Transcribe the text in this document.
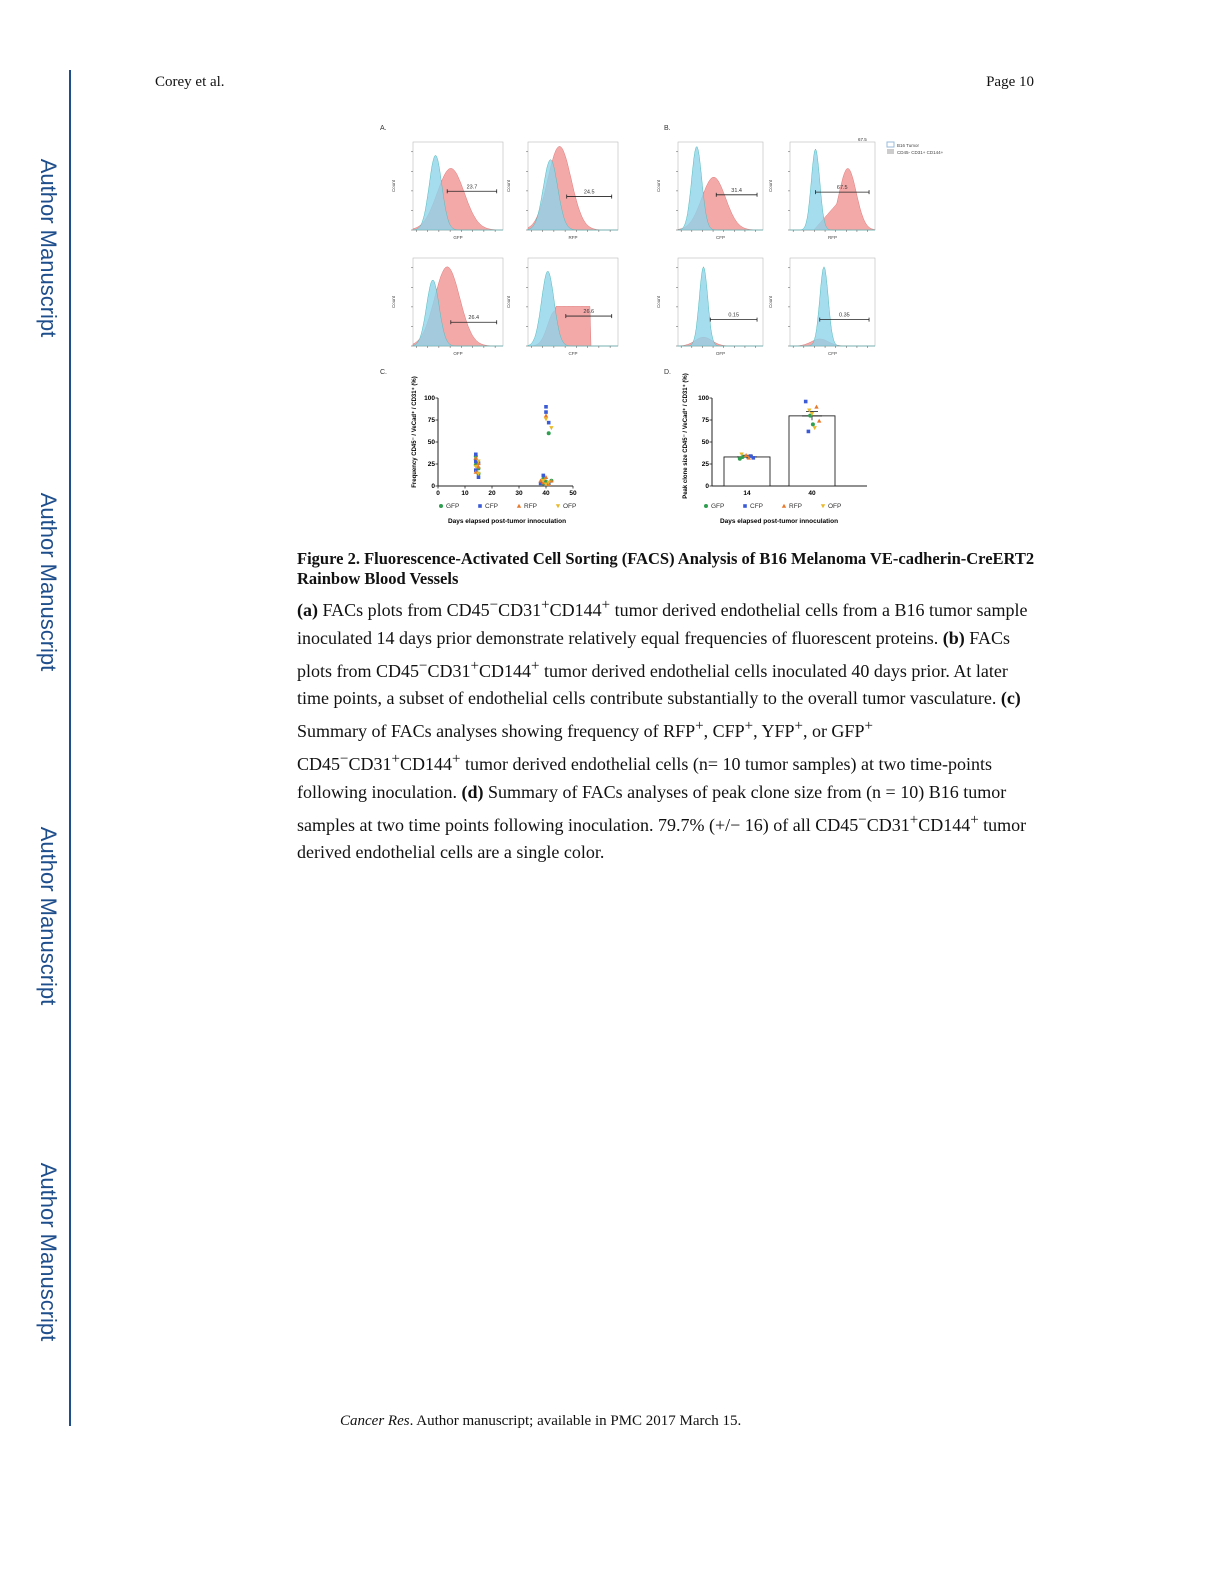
Author Manuscript
Author Manuscript
Author Manuscript
Author Manuscript
Corey et al.	Page 10
A.	B.
C.	D.
B16 Tumor
CD45- CD31+ CD144+
23.7
GFP
Count
24.5
RFP
Count
26.4
OFP
Count
26.6
CFP
Count
31.4
CFP
Count	67.5
67.5
RFP
Count
0.15
OFP
Count
0.35
CFP
Count
0	10	20	30	40	50
0
25
50
75
100
GFP	CFP	RFP	OFP
Days elapsed post-tumor innoculation
Frequency CD45⁻ / VeCad⁺ / CD31⁺ (%)	0
25
50
75
100
14	40
GFP	CFP	RFP	OFP
Days elapsed post-tumor innoculation
Peak clone size CD45⁻ / VeCad⁺ / CD31⁺ (%)

Figure 2. Fluorescence-Activated Cell Sorting (FACS) Analysis of B16 Melanoma VE-cadherin-CreERT2 Rainbow Blood Vessels

(a) FACs plots from CD45−CD31+CD144+ tumor derived endothelial cells from a B16 tumor sample inoculated 14 days prior demonstrate relatively equal frequencies of fluorescent proteins. (b) FACs plots from CD45−CD31+CD144+ tumor derived endothelial cells inoculated 40 days prior. At later time points, a subset of endothelial cells contribute substantially to the overall tumor vasculature. (c) Summary of FACs analyses showing frequency of RFP+, CFP+, YFP+, or GFP+ CD45−CD31+CD144+ tumor derived endothelial cells (n= 10 tumor samples) at two time-points following inoculation. (d) Summary of FACs analyses of peak clone size from (n = 10) B16 tumor samples at two time points following inoculation. 79.7% (+/− 16) of all CD45−CD31+CD144+ tumor derived endothelial cells are a single color.

Cancer Res. Author manuscript; available in PMC 2017 March 15.
